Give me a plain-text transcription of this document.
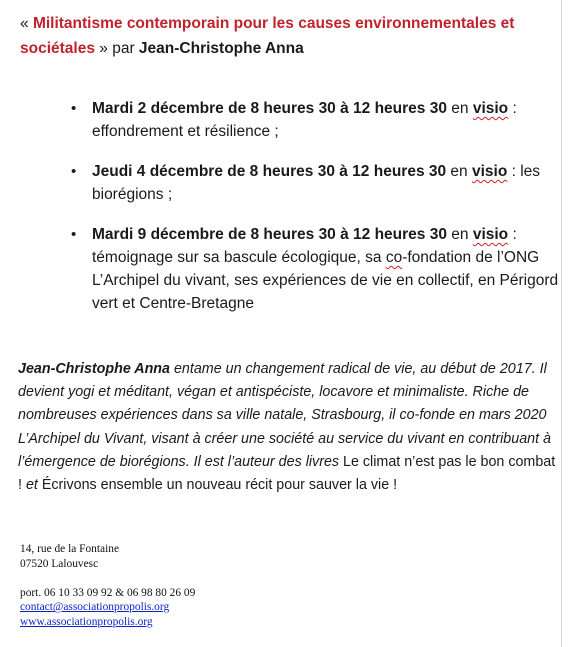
« Militantisme contemporain pour les causes environnementales et sociétales » par Jean-Christophe Anna

• Mardi 2 décembre de 8 heures 30 à 12 heures 30 en visio : effondrement et résilience ;
• Jeudi 4 décembre de 8 heures 30 à 12 heures 30 en visio : les biorégions ;
• Mardi 9 décembre de 8 heures 30 à 12 heures 30 en visio : témoignage sur sa bascule écologique, sa co-fondation de l’ONG L’Archipel du vivant, ses expériences de vie en collectif, en Périgord vert et Centre-Bretagne

Jean-Christophe Anna entame un changement radical de vie, au début de 2017. Il devient yogi et méditant, végan et antispéciste, locavore et minimaliste. Riche de nombreuses expériences dans sa ville natale, Strasbourg, il co-fonde en mars 2020 L’Archipel du Vivant, visant à créer une société au service du vivant en contribuant à l’émergence de biorégions. Il est l’auteur des livres Le climat n’est pas le bon combat ! et Écrivons ensemble un nouveau récit pour sauver la vie !

14, rue de la Fontaine
07520 Lalouvesc
port. 06 10 33 09 92 & 06 98 80 26 09
contact@associationpropolis.org
www.associationpropolis.org
